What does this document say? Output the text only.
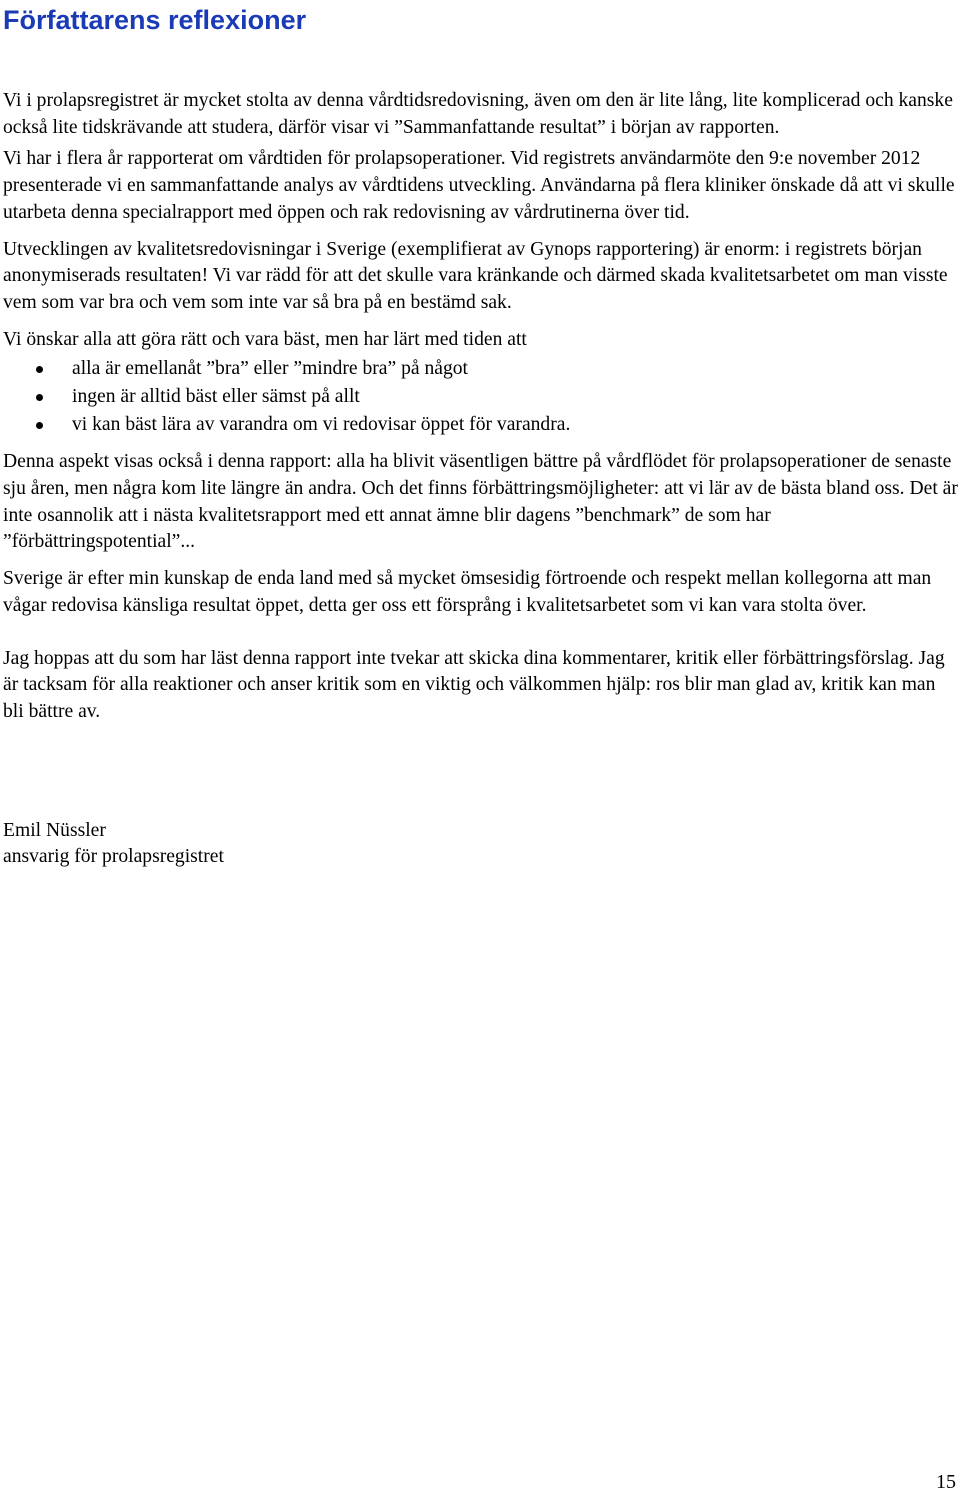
Författarens reflexioner

Vi i prolapsregistret är mycket stolta av denna vårdtidsredovisning, även om den är lite lång, lite komplicerad och kanske också lite tidskrävande att studera, därför visar vi ”Sammanfattande resultat” i början av rapporten.

Vi har i flera år rapporterat om vårdtiden för prolapsoperationer. Vid registrets användarmöte den 9:e november 2012 presenterade vi en sammanfattande analys av vårdtidens utveckling. Användarna på flera kliniker önskade då att vi skulle utarbeta denna specialrapport med öppen och rak redovisning av vårdrutinerna över tid.

Utvecklingen av kvalitetsredovisningar i Sverige (exemplifierat av Gynops rapportering) är enorm: i registrets början anonymiserads resultaten! Vi var rädd för att det skulle vara kränkande och därmed skada kvalitetsarbetet om man visste vem som var bra och vem som inte var så bra på en bestämd sak.

Vi önskar alla att göra rätt och vara bäst, men har lärt med tiden att

alla är emellanåt ”bra” eller ”mindre bra” på något
ingen är alltid bäst eller sämst på allt
vi kan bäst lära av varandra om vi redovisar öppet för varandra.

Denna aspekt visas också i denna rapport: alla ha blivit väsentligen bättre på vårdflödet för prolapsoperationer de senaste sju åren, men några kom lite längre än andra. Och det finns förbättringsmöjligheter: att vi lär av de bästa bland oss. Det är inte osannolik att i nästa kvalitetsrapport med ett annat ämne blir dagens ”benchmark” de som har ”förbättringspotential”...

Sverige är efter min kunskap de enda land med så mycket ömsesidig förtroende och respekt mellan kollegorna att man vågar redovisa känsliga resultat öppet, detta ger oss ett försprång i kvalitetsarbetet som vi kan vara stolta över.

Jag hoppas att du som har läst denna rapport inte tvekar att skicka dina kommentarer, kritik eller förbättringsförslag. Jag är tacksam för alla reaktioner och anser kritik som en viktig och välkommen hjälp: ros blir man glad av, kritik kan man bli bättre av.

Emil Nüssler

ansvarig för prolapsregistret

15
